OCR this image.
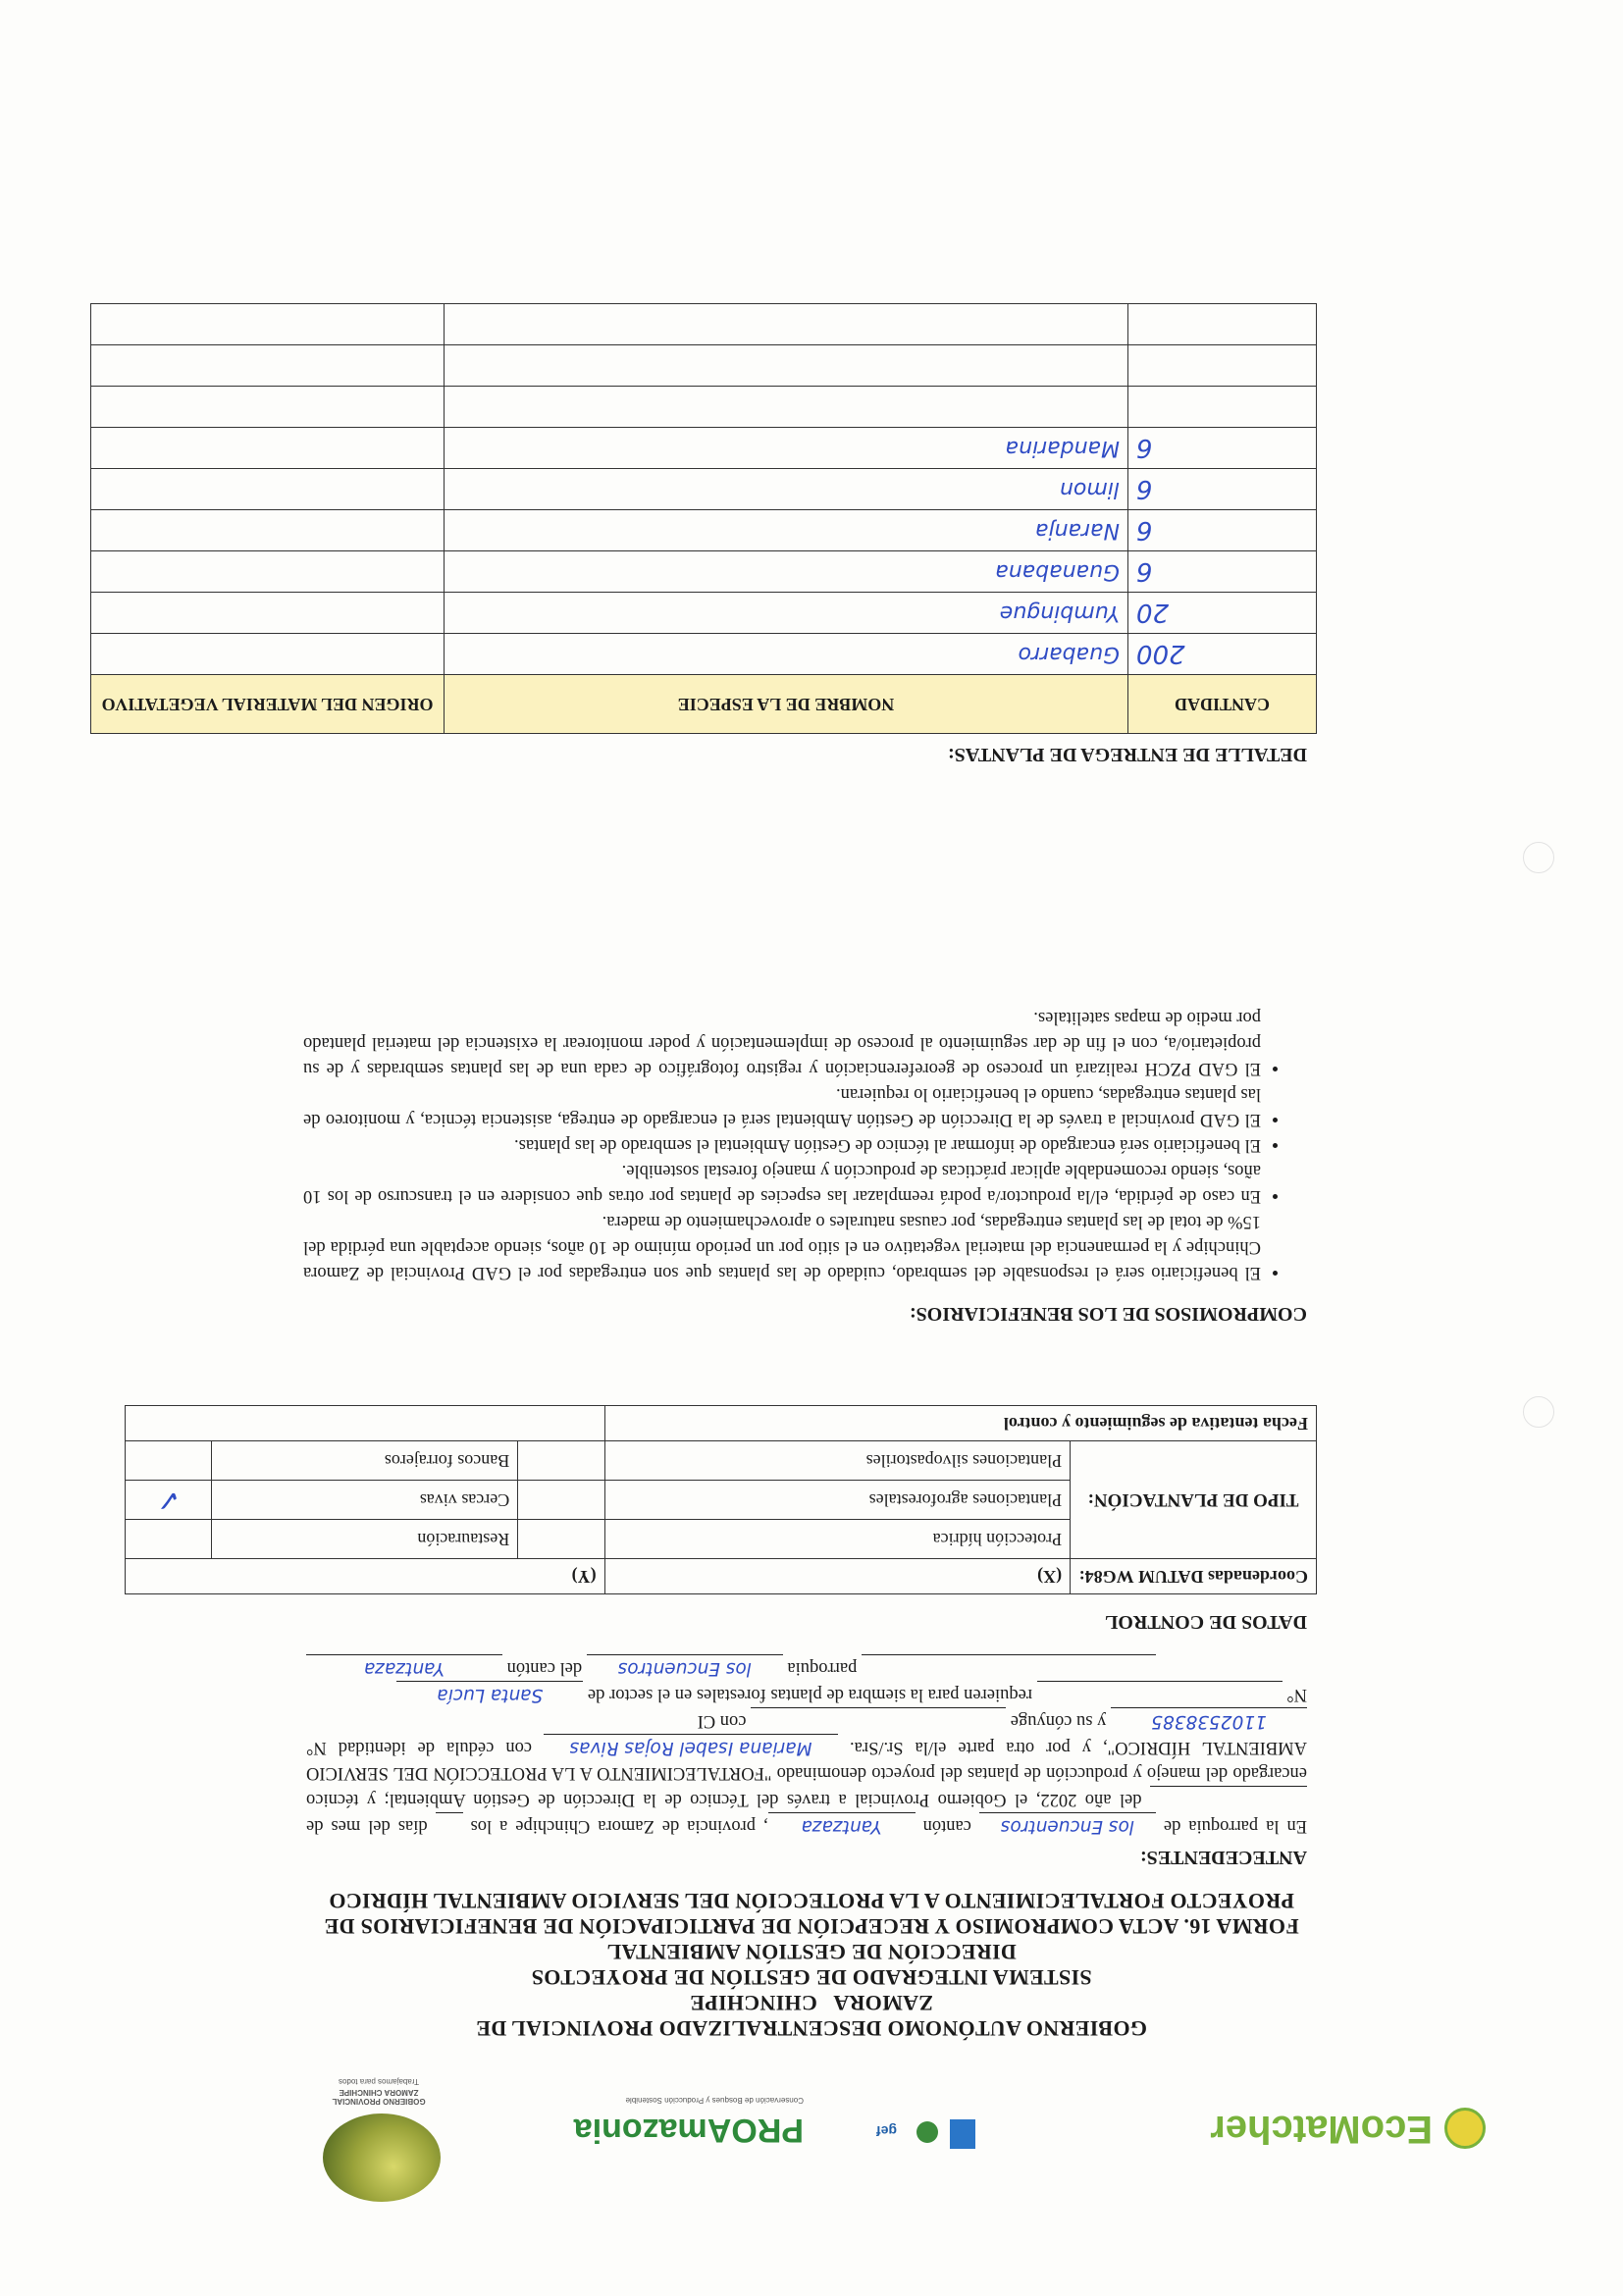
GOBIERNO PROVINCIAL
ZAMORA CHINCHIPE
Trabajamos para todos
PROAmazonia
Conservación de Bosques y Producción Sostenible
gef	EcoMatcher
GOBIERNO AUTÓNOMO DESCENTRALIZADO PROVINCIAL DE
ZAMORA   CHINCHIPE
SISTEMA INTEGRADO DE GESTIÓN DE PROYECTOS
DIRECCIÓN DE GESTIÓN AMBIENTAL
FORMA 16. ACTA COMPROMISO Y RECEPCIÓN DE PARTICIPACIÓN DE BENEFICIARIOS DE
PROYECTO FORTALECIMIENTO A LA PROTECCIÓN DEL SERVICIO AMBIENTAL HÍDRICO
ANTECEDENTES:
En la parroquia de los Encuentros cantón Yantzaza, provincia de Zamora Chinchipe a los   días del mes de   del año 2022, el Gobierno Provincial a través del Técnico de la Dirección de Gestión Ambiental; y técnico encargado del manejo y producción de plantas del proyecto denominado "FORTALECIMIENTO A LA PROTECCIÓN DEL SERVICIO AMBIENTAL HÍDRICO", y por otra parte el/la Sr./Sra. Mariana Isabel Rojas Rivas con cédula de identidad N° 1102538385 y su cónyuge   con CI
N°   requieren para la siembra de plantas forestales en el sector de Santa Lucía
parroquia los Encuentros del cantón Yantzaza
DATOS DE CONTROL
Coordenadas DATUM WG84:	(X)	(Y)		
TIPO DE PLANTACIÓN:	Protección hídrica		Restauración	
	Plantaciones agroforestales		Cercas vivas	✓
	Plantaciones silvopastoriles		Bancos forrajeros	
Fecha tentativa de seguimiento y control				
COMPROMISOS DE LOS BENEFICIARIOS:
• El beneficiario será el responsable del sembrado, cuidado de las plantas que son entregadas por el GAD Provincial de Zamora Chinchipe y la permanencia del material vegetativo en el sitio por un periodo mínimo de 10 años, siendo aceptable una pérdida del 15% de total de las plantas entregadas, por causas naturales o aprovechamiento de madera.
• En caso de pérdida, el/la productor/a podrá reemplazar las especies de plantas por otras que considere en el transcurso de los 10 años, siendo recomendable aplicar prácticas de producción y manejo forestal sostenible.
• El beneficiario será encargado de informar al técnico de Gestión Ambiental el sembrado de las plantas.
• El GAD provincial a través de la Dirección de Gestión Ambiental será el encargado de entrega, asistencia técnica, y monitoreo de las plantas entregadas, cuando el beneficiario lo requieran.
• El GAD PZCH realizará un proceso de georeferenciación y registro fotográfico de cada una de las plantas sembradas y de su propietario/a, con el fin de dar seguimiento al proceso de implementación y poder monitorear la existencia del material plantado por medio de mapas satelitales.
DETALLE DE ENTREGA DE PLANTAS:
CANTIDAD	NOMBRE DE LA ESPECIE	ORIGEN DEL MATERIAL VEGETATIVO
200	Guabarro	
20	Yumbingue	
6	Guanabana	
6	Naranja	
6	limon	
6	Mandarina	
